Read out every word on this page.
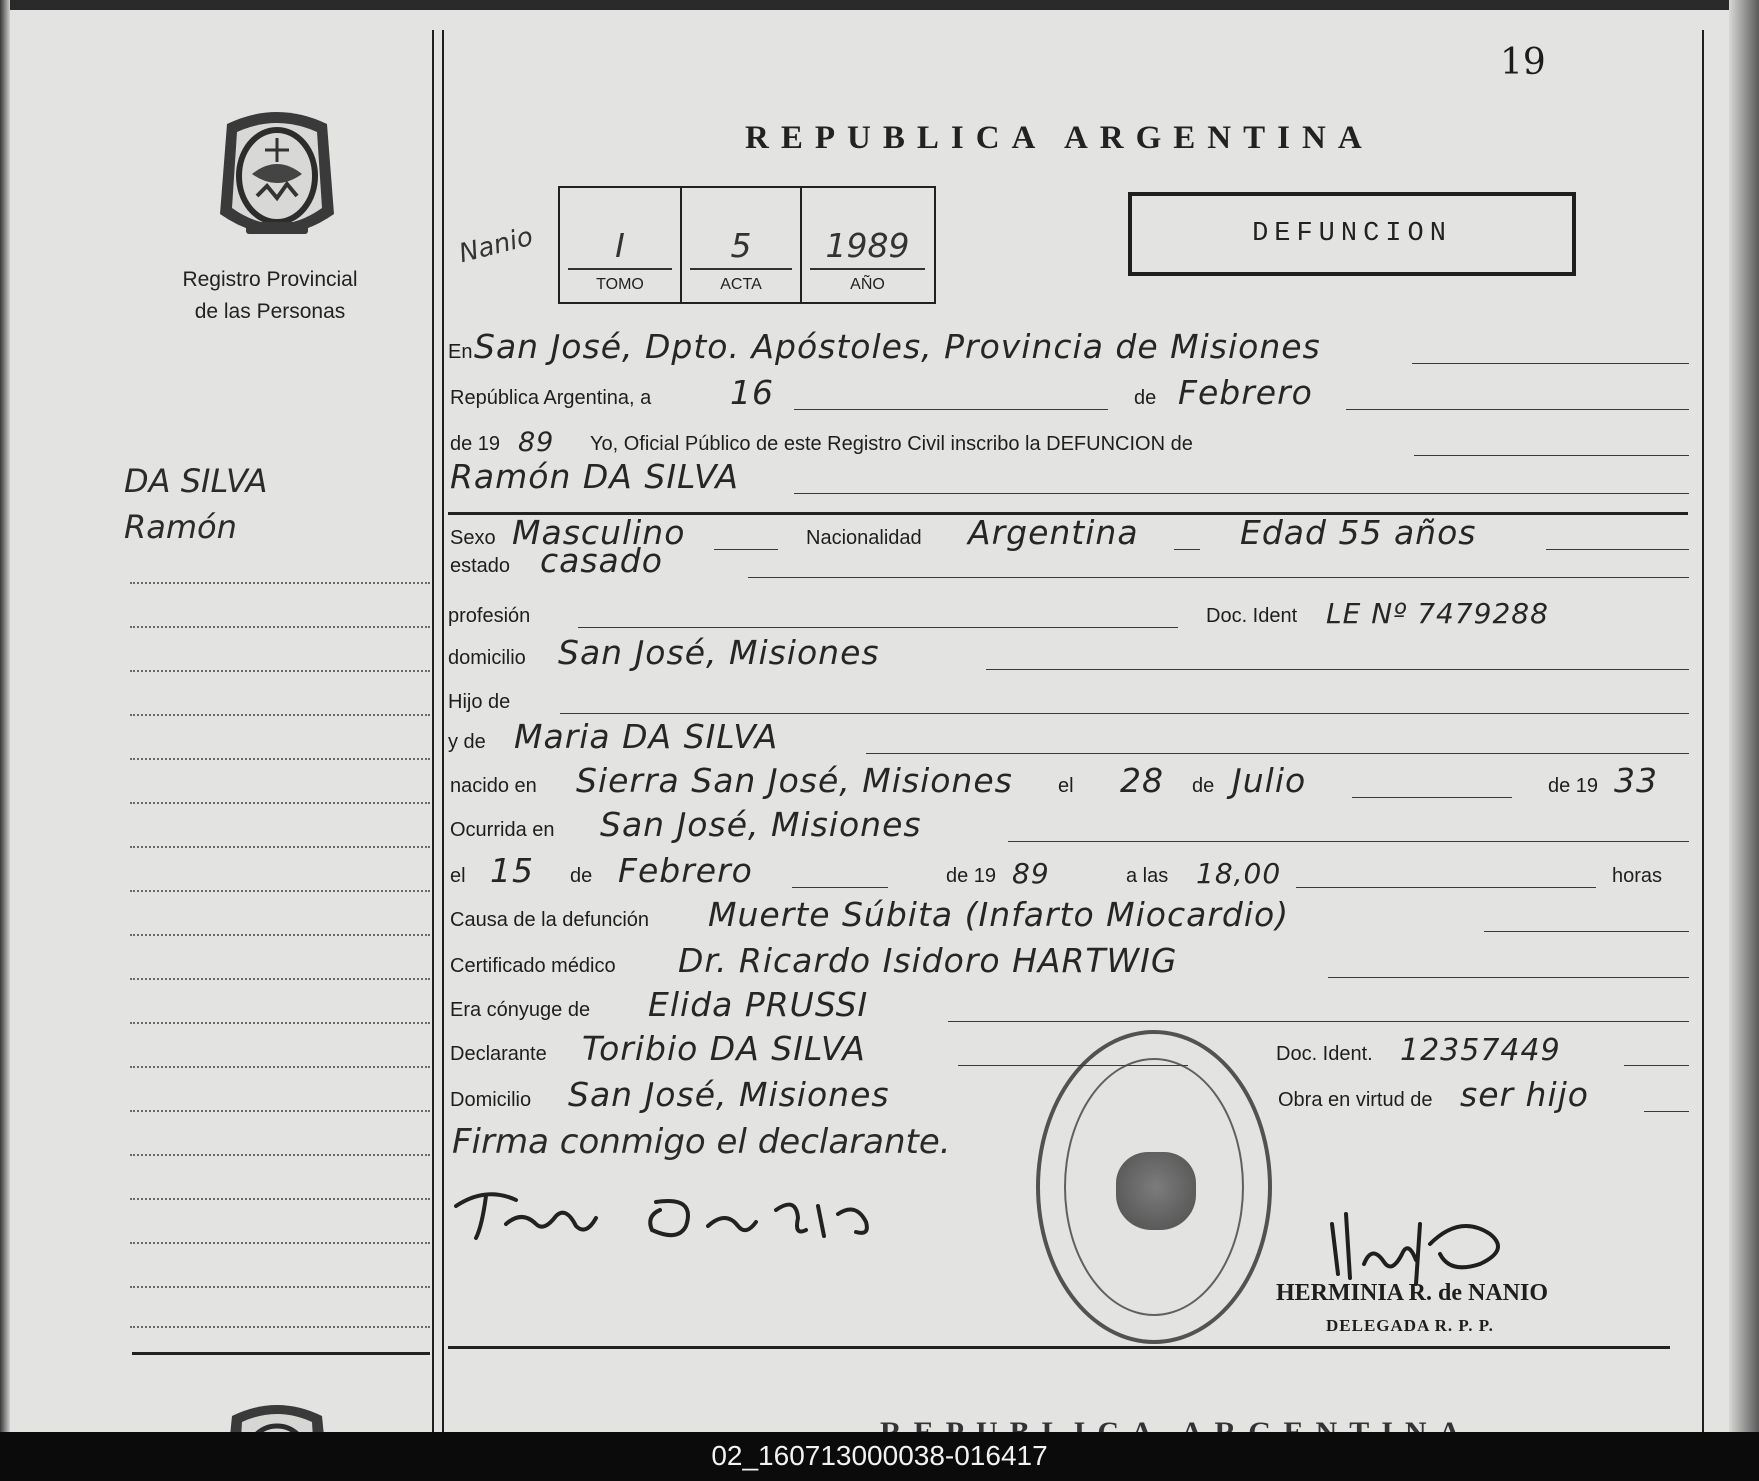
19
REPUBLICA ARGENTINA
Registro Provincial
de las Personas
Nanio	I
TOMO
5
ACTA
1989
AÑO
DEFUNCION
DA SILVA
Ramón
En San José, Dpto. Apóstoles, Provincia de Misiones
República Argentina, a 16	de Febrero
de 19 89 Yo, Oficial Público de este Registro Civil inscribo la DEFUNCION de
Ramón DA SILVA
Sexo Masculino	Nacionalidad Argentina	Edad 55 años
estado casado
profesión	Doc. Ident LE Nº 7479288
domicilio San José, Misiones
Hijo de
y de Maria DA SILVA
nacido en Sierra San José, Misiones el 28 de Julio	de 19 33
Ocurrida en San José, Misiones
el 15 de Febrero	de 19 89	a las 18,00	horas
Causa de la defunción Muerte Súbita (Infarto Miocardio)
Certificado médico Dr. Ricardo Isidoro HARTWIG
Era cónyuge de Elida PRUSSI
Declarante Toribio DA SILVA	Doc. Ident. 12357449
Domicilio San José, Misiones	Obra en virtud de ser hijo
Firma conmigo el declarante.
HERMINIA R. de NANIO
DELEGADA R. P. P.
02_160713000038-016417
